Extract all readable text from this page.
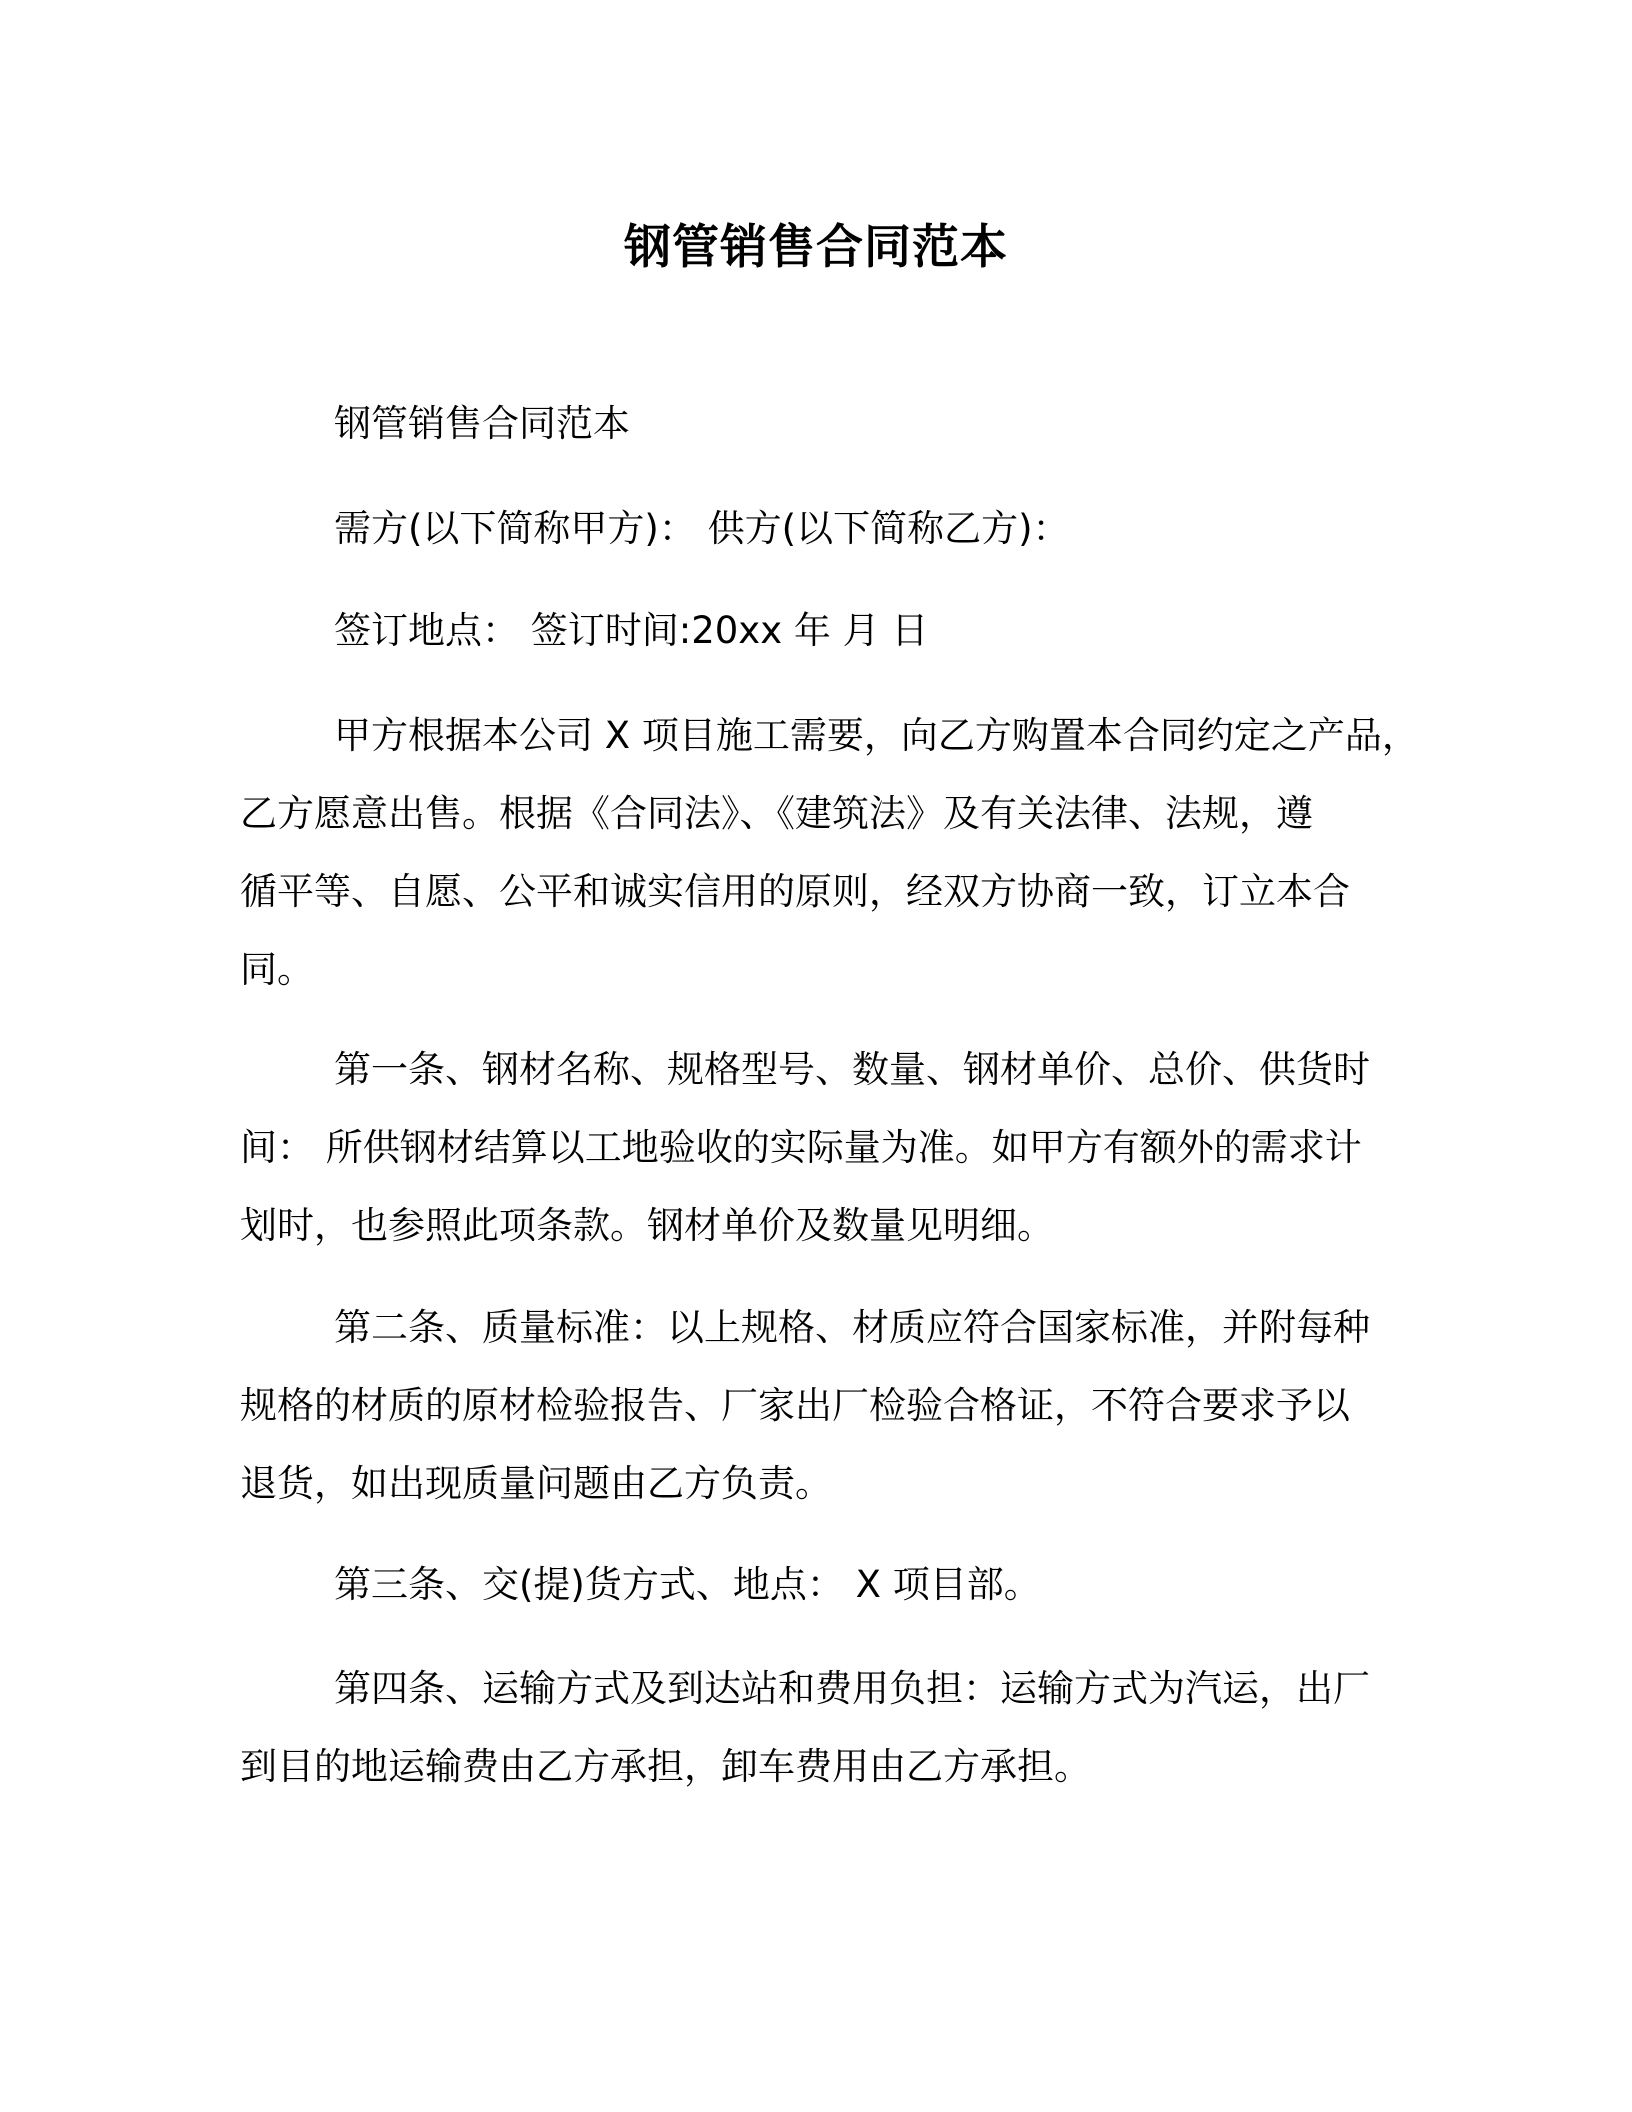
钢管销售合同范本

钢管销售合同范本

需方(以下简称甲方)： 供方(以下简称乙方)：

签订地点： 签订时间:20xx 年 月 日

甲方根据本公司 X 项目施工需要，向乙方购置本合同约定之产品，
乙方愿意出售。根据《合同法》、《建筑法》及有关法律、法规，遵
循平等、自愿、公平和诚实信用的原则，经双方协商一致，订立本合
同。

第一条、钢材名称、规格型号、数量、钢材单价、总价、供货时
间： 所供钢材结算以工地验收的实际量为准。如甲方有额外的需求计
划时，也参照此项条款。钢材单价及数量见明细。

第二条、质量标准：以上规格、材质应符合国家标准，并附每种
规格的材质的原材检验报告、厂家出厂检验合格证，不符合要求予以
退货，如出现质量问题由乙方负责。

第三条、交(提)货方式、地点： X 项目部。

第四条、运输方式及到达站和费用负担：运输方式为汽运，出厂
到目的地运输费由乙方承担，卸车费用由乙方承担。
